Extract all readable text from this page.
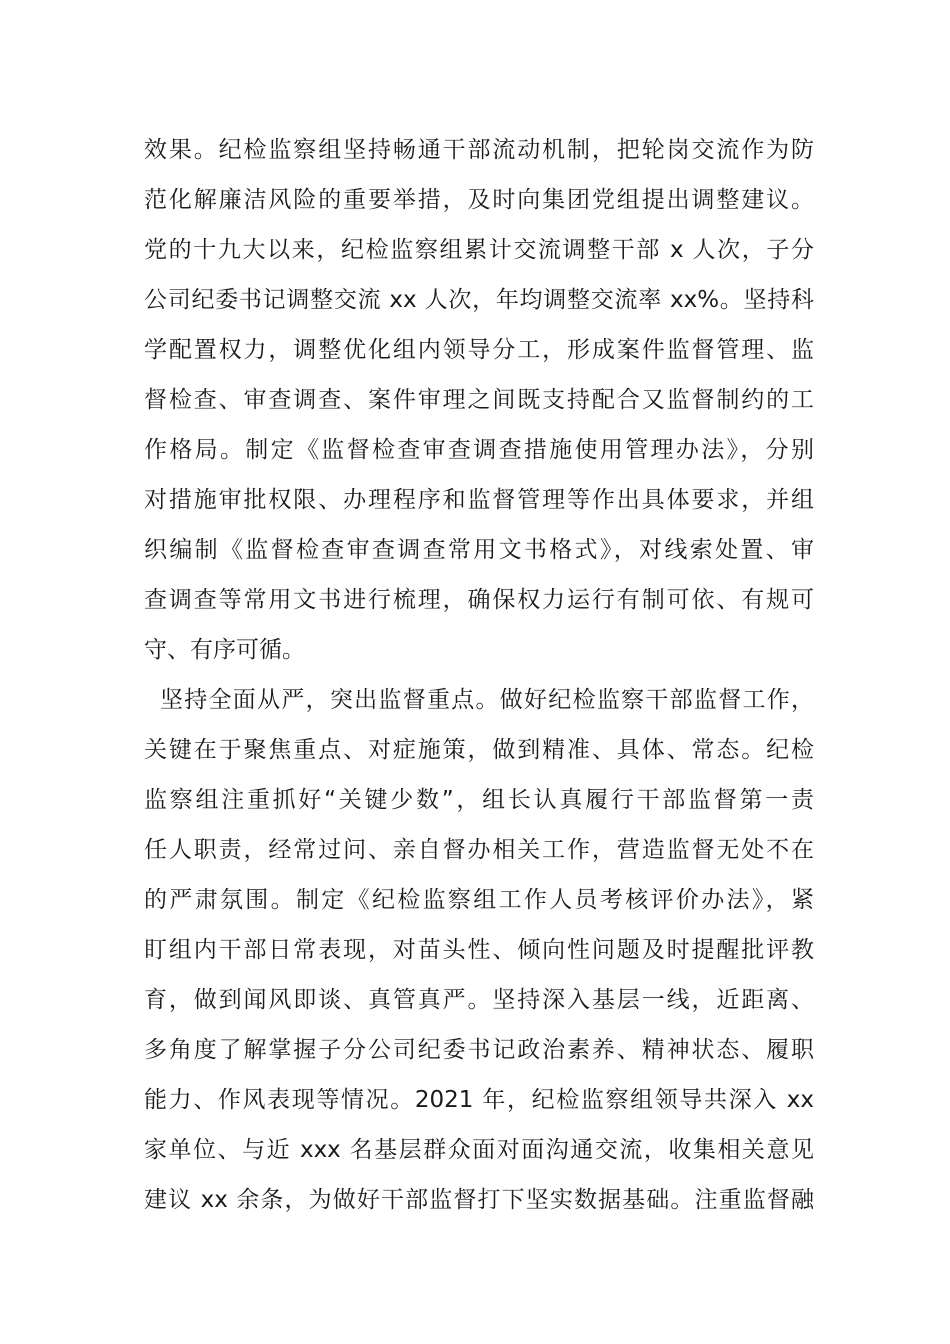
效果。纪检监察组坚持畅通干部流动机制，把轮岗交流作为防
范化解廉洁风险的重要举措，及时向集团党组提出调整建议。
党的十九大以来，纪检监察组累计交流调整干部 x 人次，子分
公司纪委书记调整交流 xx 人次，年均调整交流率 xx%。坚持科
学配置权力，调整优化组内领导分工，形成案件监督管理、监
督检查、审查调查、案件审理之间既支持配合又监督制约的工
作格局。制定《监督检查审查调查措施使用管理办法》，分别
对措施审批权限、办理程序和监督管理等作出具体要求，并组
织编制《监督检查审查调查常用文书格式》，对线索处置、审
查调查等常用文书进行梳理，确保权力运行有制可依、有规可
守、有序可循。
坚持全面从严，突出监督重点。做好纪检监察干部监督工作，
关键在于聚焦重点、对症施策，做到精准、具体、常态。纪检
监察组注重抓好“关键少数”，组长认真履行干部监督第一责
任人职责，经常过问、亲自督办相关工作，营造监督无处不在
的严肃氛围。制定《纪检监察组工作人员考核评价办法》，紧
盯组内干部日常表现，对苗头性、倾向性问题及时提醒批评教
育，做到闻风即谈、真管真严。坚持深入基层一线，近距离、
多角度了解掌握子分公司纪委书记政治素养、精神状态、履职
能力、作风表现等情况。2021 年，纪检监察组领导共深入 xx
家单位、与近 xxx 名基层群众面对面沟通交流，收集相关意见
建议 xx 余条，为做好干部监督打下坚实数据基础。注重监督融
